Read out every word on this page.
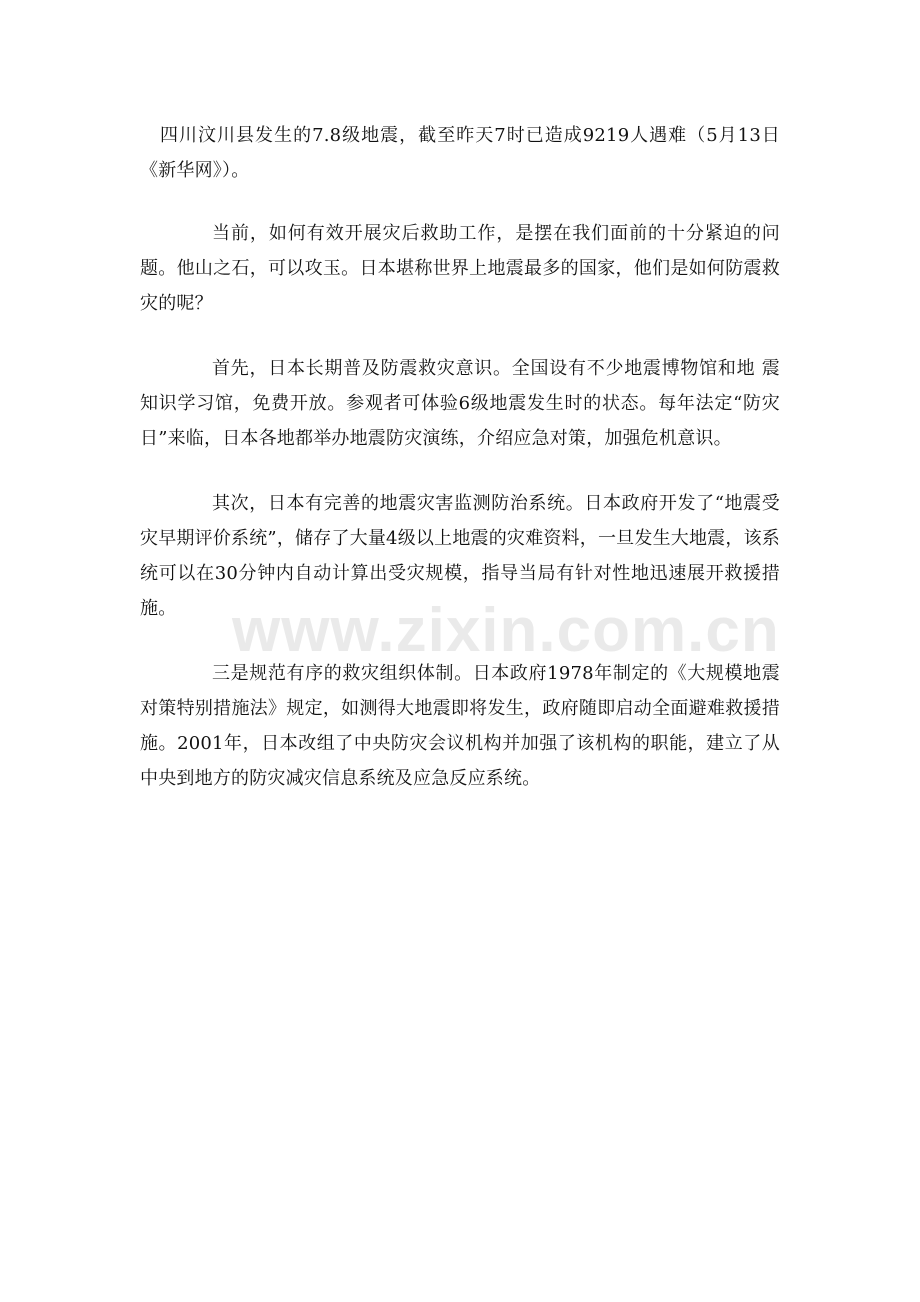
www.zixin.com.cn

四川汶川县发生的7.8级地震，截至昨天7时已造成9219人遇难（5月13日《新华网》）。

当前，如何有效开展灾后救助工作，是摆在我们面前的十分紧迫的问题。他山之石，可以攻玉。日本堪称世界上地震最多的国家，他们是如何防震救灾的呢？

首先，日本长期普及防震救灾意识。全国设有不少地震博物馆和地 震知识学习馆，免费开放。参观者可体验6级地震发生时的状态。每年法定“防灾日”来临，日本各地都举办地震防灾演练，介绍应急对策，加强危机意识。

其次，日本有完善的地震灾害监测防治系统。日本政府开发了“地震受灾早期评价系统”，储存了大量4级以上地震的灾难资料，一旦发生大地震，该系统可以在30分钟内自动计算出受灾规模，指导当局有针对性地迅速展开救援措施。

三是规范有序的救灾组织体制。日本政府1978年制定的《大规模地震对策特别措施法》规定，如测得大地震即将发生，政府随即启动全面避难救援措施。2001年，日本改组了中央防灾会议机构并加强了该机构的职能，建立了从中央到地方的防灾减灾信息系统及应急反应系统。
